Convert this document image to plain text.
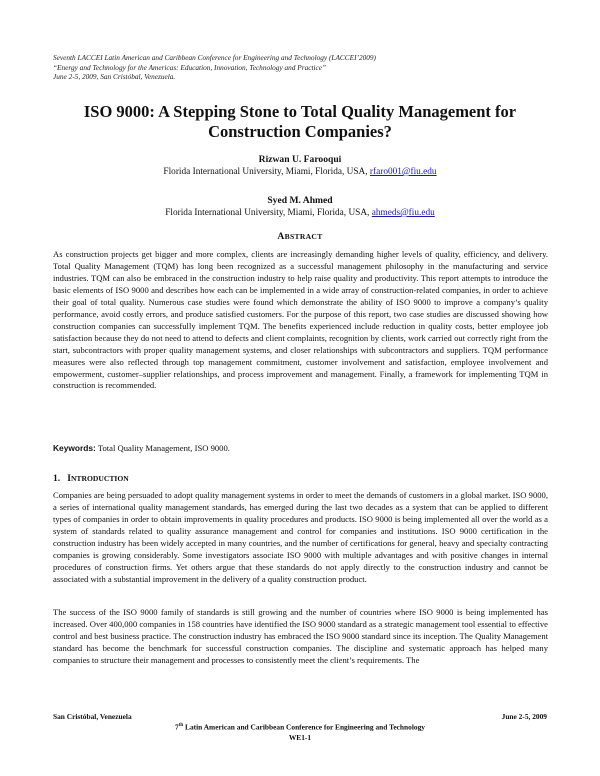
Seventh LACCEI Latin American and Caribbean Conference for Engineering and Technology (LACCEI’2009)
“Energy and Technology for the Americas: Education, Innovation, Technology and Practice”
June 2-5, 2009, San Cristóbal, Venezuela.
ISO 9000: A Stepping Stone to Total Quality Management for
Construction Companies?
Rizwan U. Farooqui
Florida International University, Miami, Florida, USA, rfaro001@fiu.edu
Syed M. Ahmed
Florida International University, Miami, Florida, USA, ahmeds@fiu.edu
ABSTRACT
As construction projects get bigger and more complex, clients are increasingly demanding higher levels of quality, efficiency, and delivery. Total Quality Management (TQM) has long been recognized as a successful management philosophy in the manufacturing and service industries. TQM can also be embraced in the construction industry to help raise quality and productivity. This report attempts to introduce the basic elements of ISO 9000 and describes how each can be implemented in a wide array of construction-related companies, in order to achieve their goal of total quality. Numerous case studies were found which demonstrate the ability of ISO 9000 to improve a company’s quality performance, avoid costly errors, and produce satisfied customers. For the purpose of this report, two case studies are discussed showing how construction companies can successfully implement TQM. The benefits experienced include reduction in quality costs, better employee job satisfaction because they do not need to attend to defects and client complaints, recognition by clients, work carried out correctly right from the start, subcontractors with proper quality management systems, and closer relationships with subcontractors and suppliers. TQM performance measures were also reflected through top management commitment, customer involvement and satisfaction, employee involvement and empowerment, customer–supplier relationships, and process improvement and management. Finally, a framework for implementing TQM in construction is recommended.
Keywords: Total Quality Management, ISO 9000.
1. INTRODUCTION
Companies are being persuaded to adopt quality management systems in order to meet the demands of customers in a global market. ISO 9000, a series of international quality management standards, has emerged during the last two decades as a system that can be applied to different types of companies in order to obtain improvements in quality procedures and products. ISO 9000 is being implemented all over the world as a system of standards related to quality assurance management and control for companies and institutions. ISO 9000 certification in the construction industry has been widely accepted in many countries, and the number of certifications for general, heavy and specialty contracting companies is growing considerably. Some investigators associate ISO 9000 with multiple advantages and with positive changes in internal procedures of construction firms. Yet others argue that these standards do not apply directly to the construction industry and cannot be associated with a substantial improvement in the delivery of a quality construction product.
The success of the ISO 9000 family of standards is still growing and the number of countries where ISO 9000 is being implemented has increased. Over 400,000 companies in 158 countries have identified the ISO 9000 standard as a strategic management tool essential to effective control and best business practice. The construction industry has embraced the ISO 9000 standard since its inception. The Quality Management standard has become the benchmark for successful construction companies. The discipline and systematic approach has helped many companies to structure their management and processes to consistently meet the client’s requirements. The
San Cristóbal, Venezuela	June 2-5, 2009
7th Latin American and Caribbean Conference for Engineering and Technology
WE1-1
